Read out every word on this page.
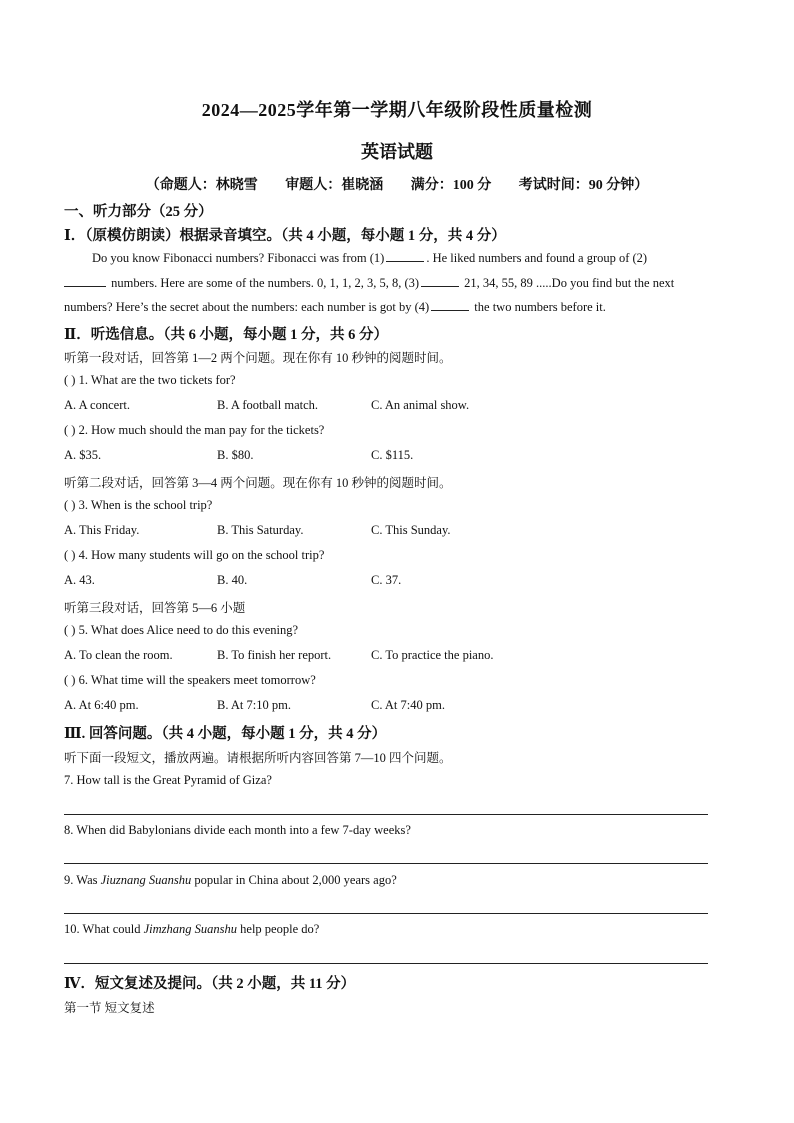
2024—2025学年第一学期八年级阶段性质量检测
英语试题
（命题人：林晓雪 审题人：崔晓涵 满分：100 分 考试时间：90 分钟）
一、听力部分（25 分）
Ⅰ．（原模仿朗读）根据录音填空。（共 4 小题，每小题 1 分，共 4 分）
Do you know Fibonacci numbers? Fibonacci was from (1)	. He liked numbers and found a group of (2)
numbers. Here are some of the numbers. 0, 1, 1, 2, 3, 5, 8, (3)	21, 34, 55, 89 .....Do you find but the next
numbers? Here’s the secret about the numbers: each number is got by (4)	the two numbers before it.
Ⅱ．听选信息。（共 6 小题，每小题 1 分，共 6 分）
听第一段对话，回答第 1—2 两个问题。现在你有 10 秒钟的阅题时间。
( ) 1. What are the two tickets for?
A. A concert.	B. A football match.	C. An animal show.
( ) 2. How much should the man pay for the tickets?
A. $35.	B. $80.	C. $115.
听第二段对话，回答第 3—4 两个问题。现在你有 10 秒钟的阅题时间。
( ) 3. When is the school trip?
A. This Friday.	B. This Saturday.	C. This Sunday.
( ) 4. How many students will go on the school trip?
A. 43.	B. 40.	C. 37.
听第三段对话，回答第 5—6 小题
( ) 5. What does Alice need to do this evening?
A. To clean the room.	B. To finish her report.	C. To practice the piano.
( ) 6. What time will the speakers meet tomorrow?
A. At 6:40 pm.	B. At 7:10 pm.	C. At 7:40 pm.
Ⅲ. 回答问题。（共 4 小题，每小题 1 分，共 4 分）
听下面一段短文，播放两遍。请根据所听内容回答第 7—10 四个问题。
7. How tall is the Great Pyramid of Giza?
8. When did Babylonians divide each month into a few 7-day weeks?
9. Was Jiuznang Suanshu popular in China about 2,000 years ago?
10. What could Jimzhang Suanshu help people do?
Ⅳ．短文复述及提问。（共 2 小题，共 11 分）
第一节 短文复述
